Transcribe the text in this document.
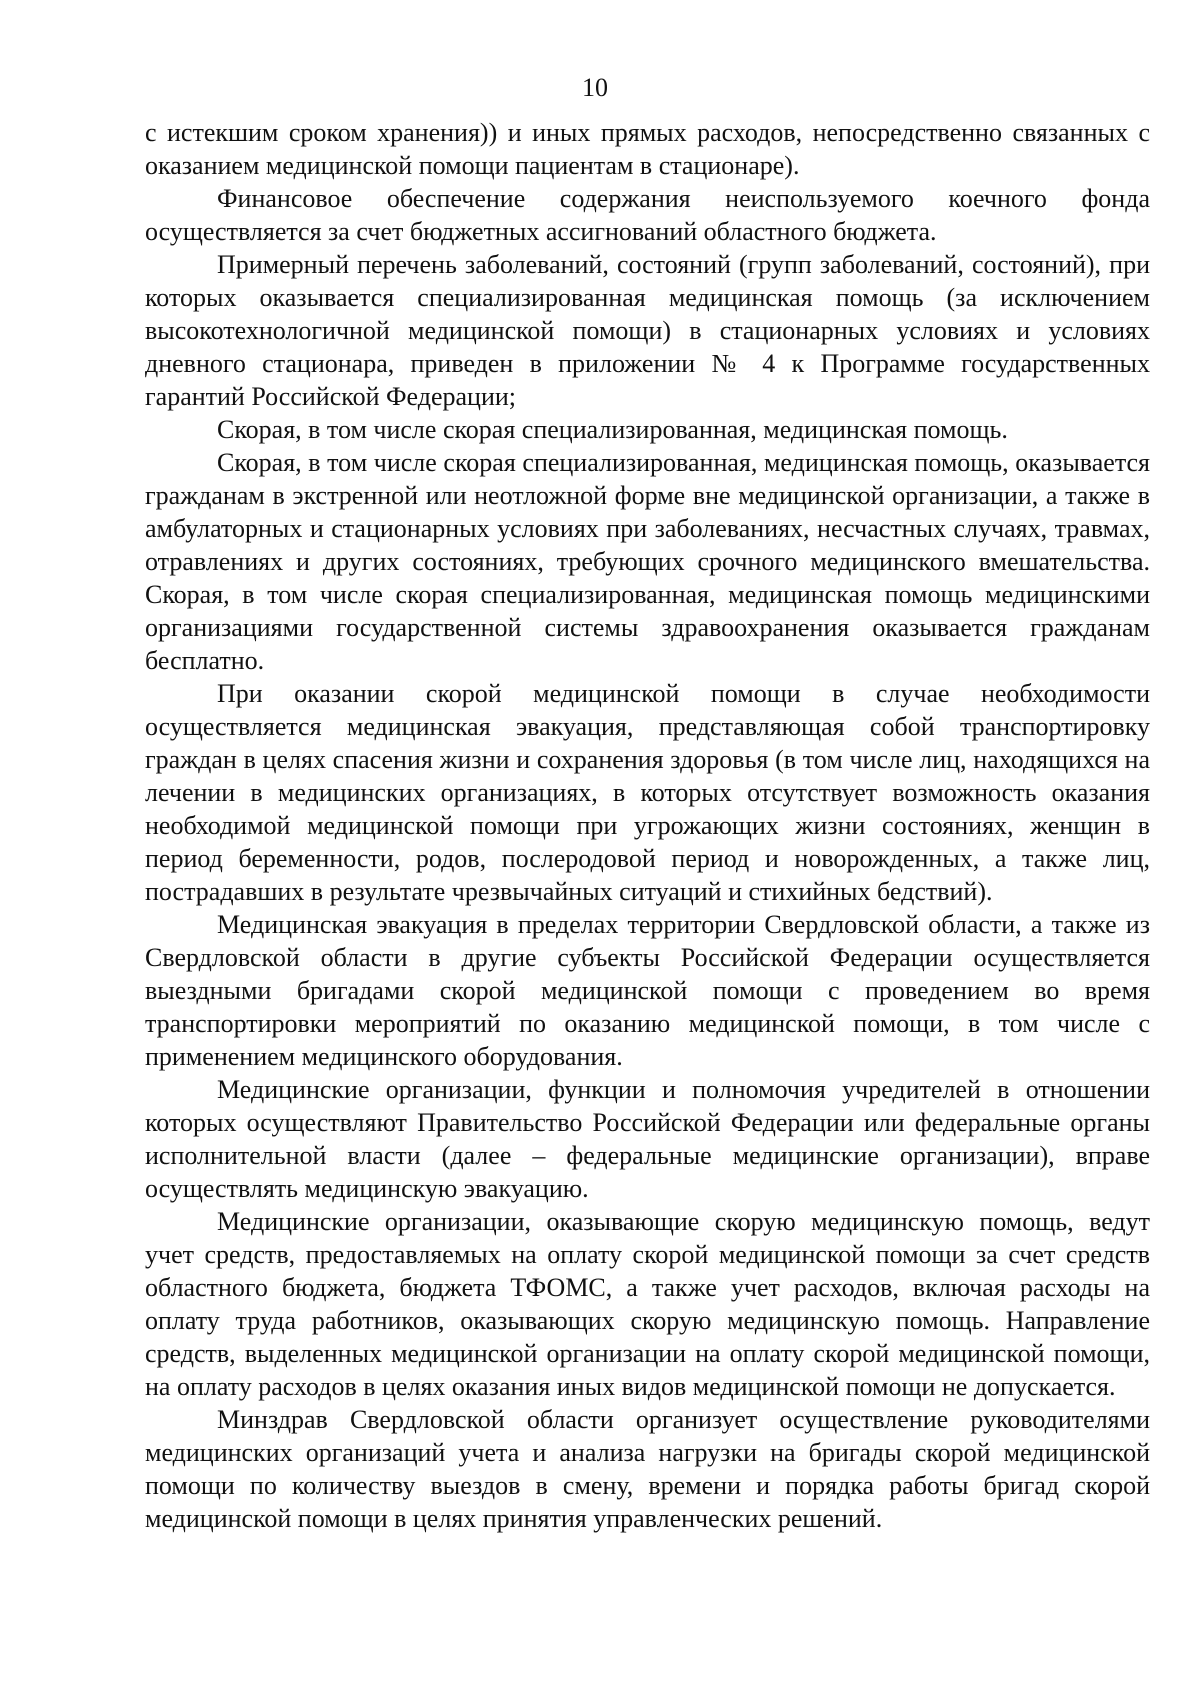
10

с истекшим сроком хранения)) и иных прямых расходов, непосредственно связанных с оказанием медицинской помощи пациентам в стационаре).

Финансовое обеспечение содержания неиспользуемого коечного фонда осуществляется за счет бюджетных ассигнований областного бюджета.

Примерный перечень заболеваний, состояний (групп заболеваний, состояний), при которых оказывается специализированная медицинская помощь (за исключением высокотехнологичной медицинской помощи) в стационарных условиях и условиях дневного стационара, приведен в приложении № 4 к Программе государственных гарантий Российской Федерации;

Скорая, в том числе скорая специализированная, медицинская помощь.

Скорая, в том числе скорая специализированная, медицинская помощь, оказывается гражданам в экстренной или неотложной форме вне медицинской организации, а также в амбулаторных и стационарных условиях при заболеваниях, несчастных случаях, травмах, отравлениях и других состояниях, требующих срочного медицинского вмешательства. Скорая, в том числе скорая специализированная, медицинская помощь медицинскими организациями государственной системы здравоохранения оказывается гражданам бесплатно.

При оказании скорой медицинской помощи в случае необходимости осуществляется медицинская эвакуация, представляющая собой транспортировку граждан в целях спасения жизни и сохранения здоровья (в том числе лиц, находящихся на лечении в медицинских организациях, в которых отсутствует возможность оказания необходимой медицинской помощи при угрожающих жизни состояниях, женщин в период беременности, родов, послеродовой период и новорожденных, а также лиц, пострадавших в результате чрезвычайных ситуаций и стихийных бедствий).

Медицинская эвакуация в пределах территории Свердловской области, а также из Свердловской области в другие субъекты Российской Федерации осуществляется выездными бригадами скорой медицинской помощи с проведением во время транспортировки мероприятий по оказанию медицинской помощи, в том числе с применением медицинского оборудования.

Медицинские организации, функции и полномочия учредителей в отношении которых осуществляют Правительство Российской Федерации или федеральные органы исполнительной власти (далее – федеральные медицинские организации), вправе осуществлять медицинскую эвакуацию.

Медицинские организации, оказывающие скорую медицинскую помощь, ведут учет средств, предоставляемых на оплату скорой медицинской помощи за счет средств областного бюджета, бюджета ТФОМС, а также учет расходов, включая расходы на оплату труда работников, оказывающих скорую медицинскую помощь. Направление средств, выделенных медицинской организации на оплату скорой медицинской помощи, на оплату расходов в целях оказания иных видов медицинской помощи не допускается.

Минздрав Свердловской области организует осуществление руководителями медицинских организаций учета и анализа нагрузки на бригады скорой медицинской помощи по количеству выездов в смену, времени и порядка работы бригад скорой медицинской помощи в целях принятия управленческих решений.
